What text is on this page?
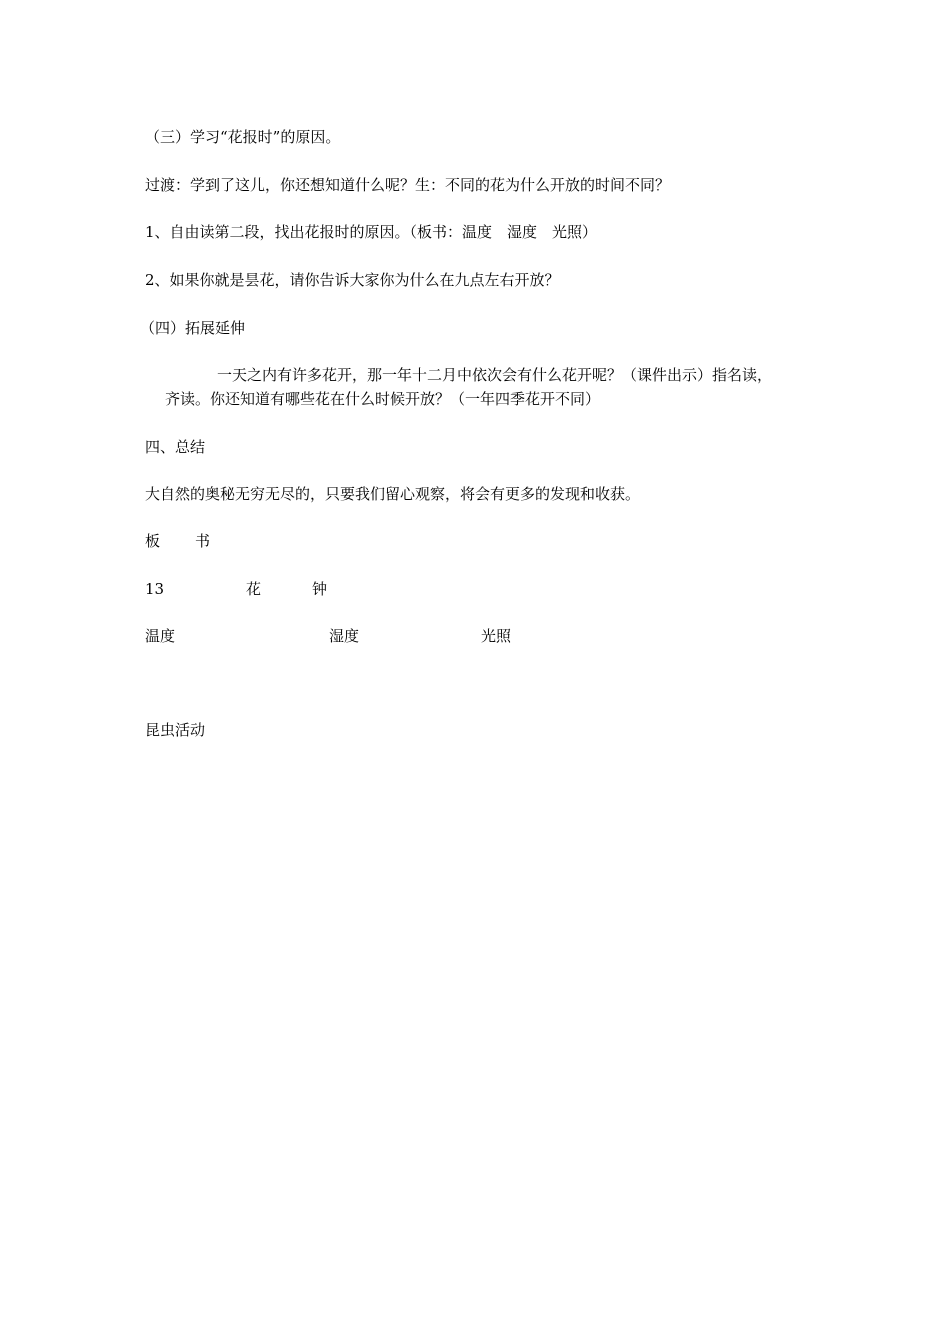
（三）学习“花报时”的原因。
过渡：学到了这儿，你还想知道什么呢？生：不同的花为什么开放的时间不同？
1、自由读第二段，找出花报时的原因。（板书：温度　湿度　光照）
2、如果你就是昙花，请你告诉大家你为什么在九点左右开放？
（四）拓展延伸
一天之内有许多花开，那一年十二月中依次会有什么花开呢？（课件出示）指名读，
齐读。你还知道有哪些花在什么时候开放？（一年四季花开不同）
四、总结
大自然的奥秘无穷无尽的，只要我们留心观察，将会有更多的发现和收获。
板 书
13	花	钟
温度	湿度	光照
昆虫活动
